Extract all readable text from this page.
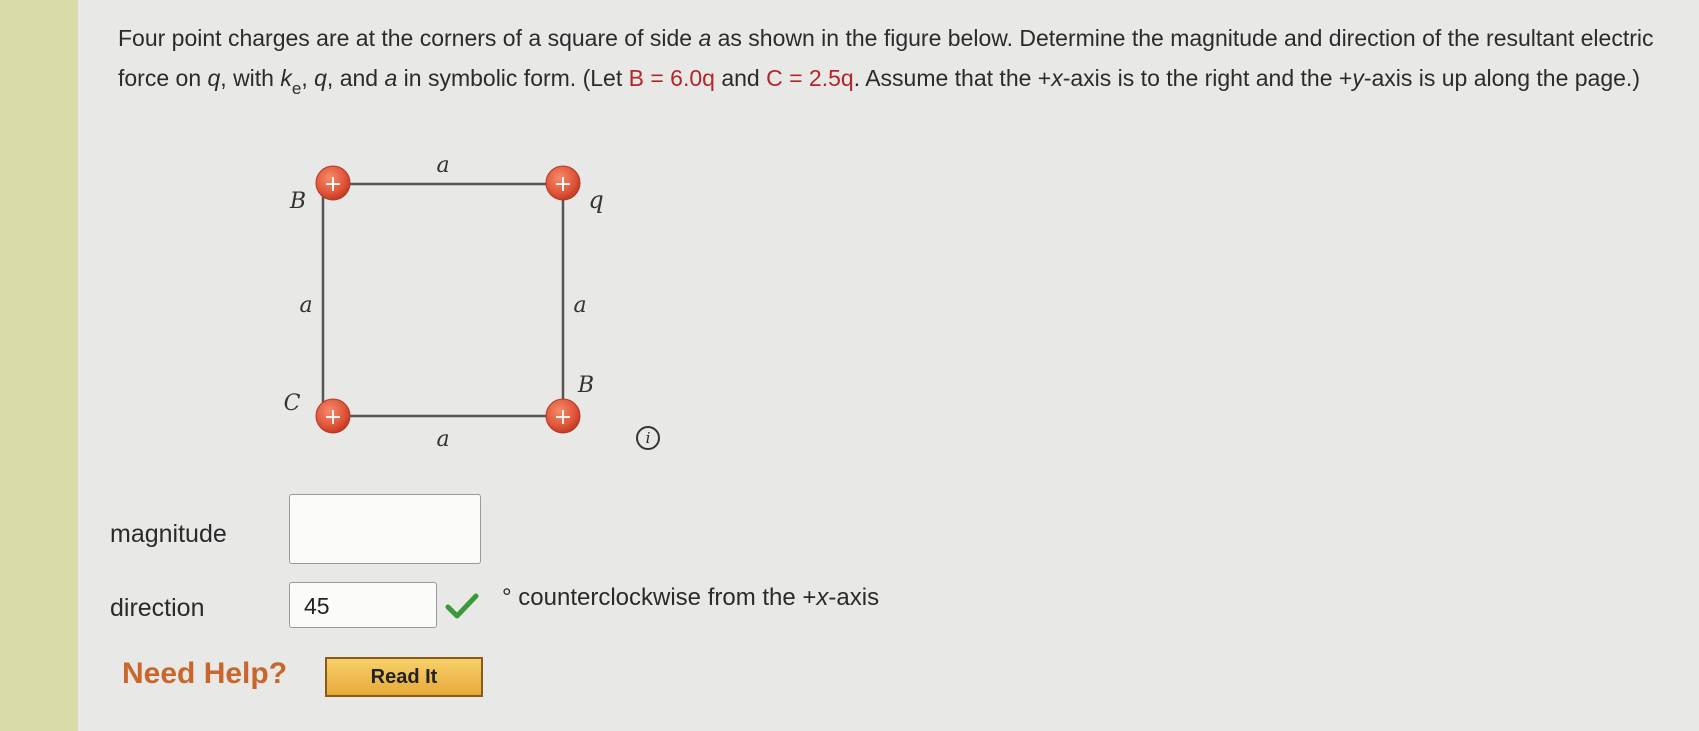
Four point charges are at the corners of a square of side a as shown in the figure below. Determine the magnitude and direction of the resultant electric force on q, with $k_e$, q, and a in symbolic form. (Let B = 6.0q and C = 2.5q. Assume that the +x-axis is to the right and the +y-axis is up along the page.)
+	+
+	+
a
a	a
a
B	q
C
B
i
magnitude
direction	45	° counterclockwise from the +x-axis
Need Help?	Read It
